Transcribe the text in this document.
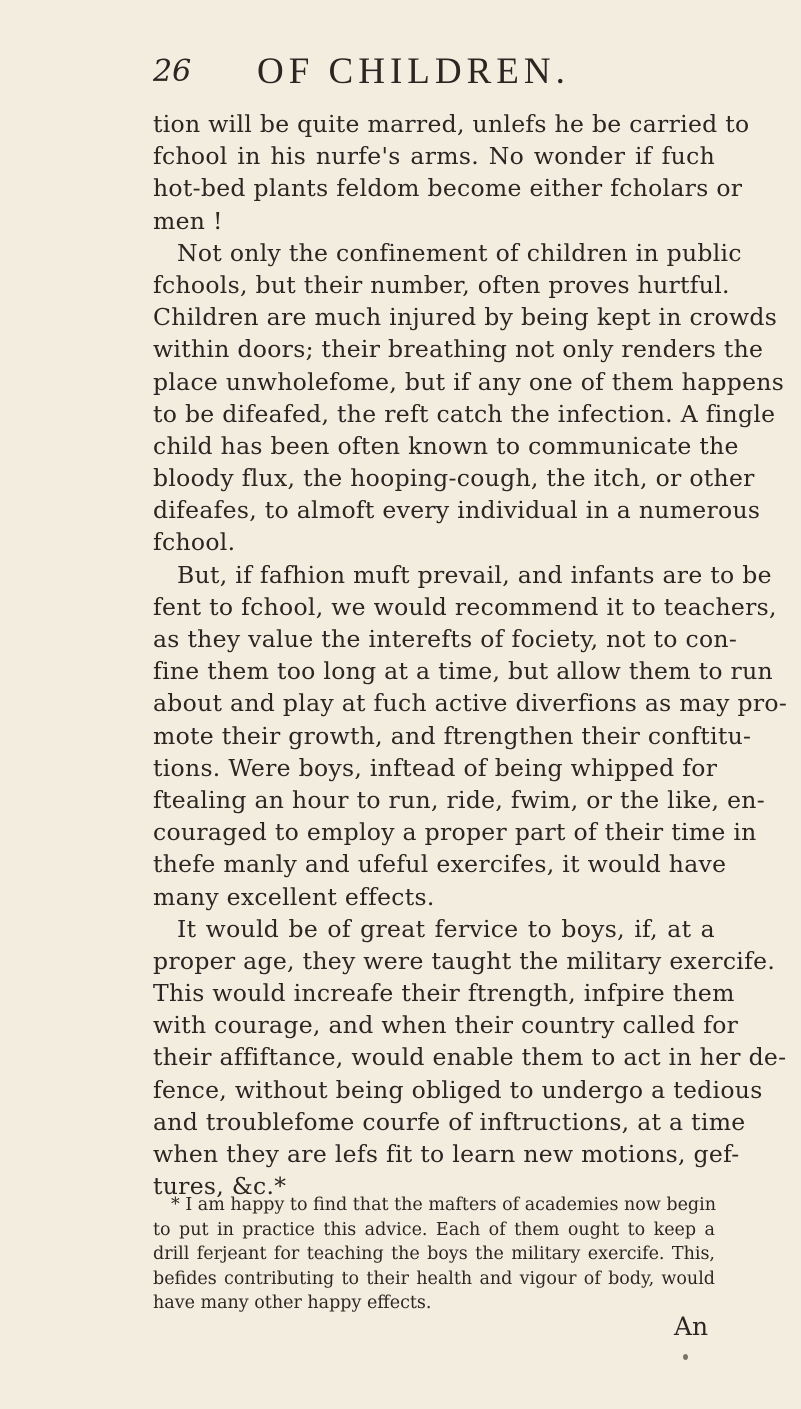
26 OF CHILDREN.
tion will be quite marred, unlefs he be carried to
fchool in his nurfe's arms. No wonder if fuch
hot-bed plants feldom become either fcholars or
men !
Not only the confinement of children in public
fchools, but their number, often proves hurtful.
Children are much injured by being kept in crowds
within doors; their breathing not only renders the
place unwholefome, but if any one of them happens
to be difeafed, the reft catch the infection. A fingle
child has been often known to communicate the
bloody flux, the hooping-cough, the itch, or other
difeafes, to almoft every individual in a numerous
fchool.
But, if fafhion muft prevail, and infants are to be
fent to fchool, we would recommend it to teachers,
as they value the interefts of fociety, not to con-
fine them too long at a time, but allow them to run
about and play at fuch active diverfions as may pro-
mote their growth, and ftrengthen their conftitu-
tions. Were boys, inftead of being whipped for
ftealing an hour to run, ride, fwim, or the like, en-
couraged to employ a proper part of their time in
thefe manly and ufeful exercifes, it would have
many excellent effects.
It would be of great fervice to boys, if, at a
proper age, they were taught the military exercife.
This would increafe their ftrength, infpire them
with courage, and when their country called for
their affiftance, would enable them to act in her de-
fence, without being obliged to undergo a tedious
and troublefome courfe of inftructions, at a time
when they are lefs fit to learn new motions, gef-
tures, &c.*
* I am happy to find that the mafters of academies now begin
to put in practice this advice. Each of them ought to keep a
drill ferjeant for teaching the boys the military exercife. This,
befides contributing to their health and vigour of body, would
have many other happy effects.
An
